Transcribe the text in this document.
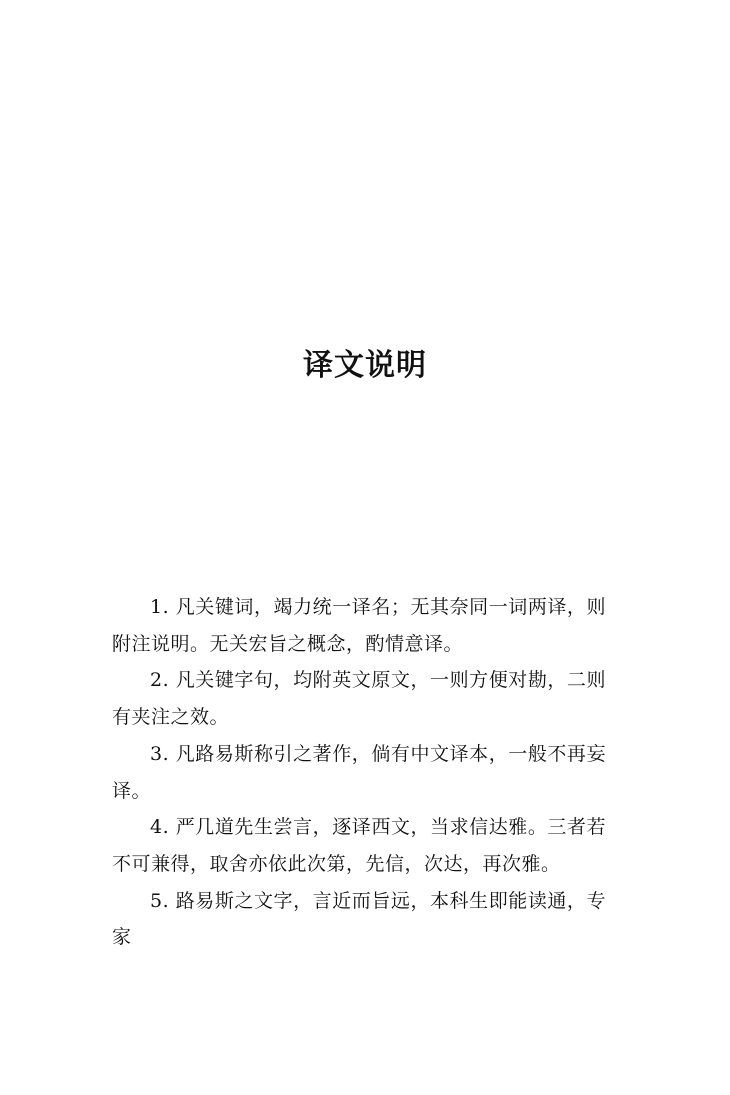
译文说明

1. 凡关键词，竭力统一译名；无其奈同一词两译，则附注说明。无关宏旨之概念，酌情意译。

2. 凡关键字句，均附英文原文，一则方便对勘，二则有夹注之效。

3. 凡路易斯称引之著作，倘有中文译本，一般不再妄译。

4. 严几道先生尝言，逐译西文，当求信达雅。三者若不可兼得，取舍亦依此次第，先信，次达，再次雅。

5. 路易斯之文字，言近而旨远，本科生即能读通，专家
